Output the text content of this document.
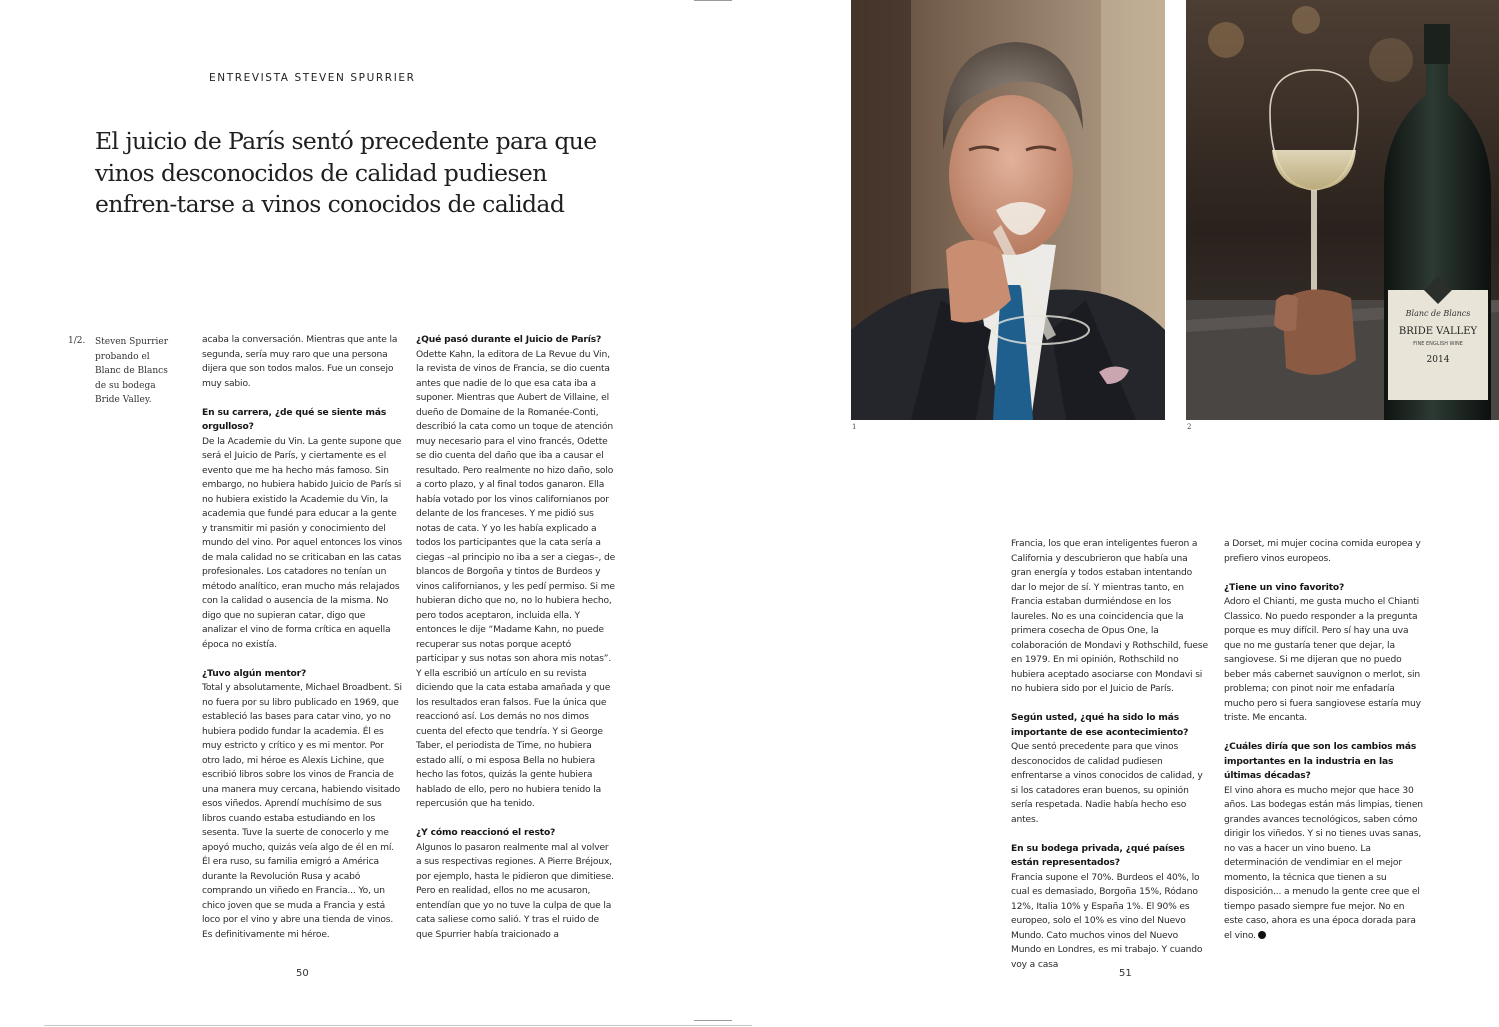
ENTREVISTA STEVEN SPURRIER
El juicio de París sentó precedente para que vinos desconocidos de calidad pudiesen enfren-tarse a vinos conocidos de calidad
1/2. Steven Spurrier probando el Blanc de Blancs de su bodega Bride Valley.

acaba la conversación. Mientras que ante la segunda, sería muy raro que una persona dijera que son todos malos. Fue un consejo muy sabio.

En su carrera, ¿de qué se siente más orgulloso?

De la Academie du Vin. La gente supone que será el Juicio de París, y ciertamente es el evento que me ha hecho más famoso. Sin embargo, no hubiera habido Juicio de París si no hubiera existido la Academie du Vin, la academia que fundé para educar a la gente y transmitir mi pasión y conocimiento del mundo del vino. Por aquel entonces los vinos de mala calidad no se criticaban en las catas profesionales. Los catadores no tenían un método analítico, eran mucho más relajados con la calidad o ausencia de la misma. No digo que no supieran catar, digo que analizar el vino de forma crítica en aquella época no existía.

¿Tuvo algún mentor?

Total y absolutamente, Michael Broadbent. Si no fuera por su libro publicado en 1969, que estableció las bases para catar vino, yo no hubiera podido fundar la academia. Él es muy estricto y crítico y es mi mentor. Por otro lado, mi héroe es Alexis Lichine, que escribió libros sobre los vinos de Francia de una manera muy cercana, habiendo visitado esos viñedos. Aprendí muchísimo de sus libros cuando estaba estudiando en los sesenta. Tuve la suerte de conocerlo y me apoyó mucho, quizás veía algo de él en mí. Él era ruso, su familia emigró a América durante la Revolución Rusa y acabó comprando un viñedo en Francia... Yo, un chico joven que se muda a Francia y está loco por el vino y abre una tienda de vinos. Es definitivamente mi héroe.

¿Qué pasó durante el Juicio de París?

Odette Kahn, la editora de La Revue du Vin, la revista de vinos de Francia, se dio cuenta antes que nadie de lo que esa cata iba a suponer. Mientras que Aubert de Villaine, el dueño de Domaine de la Romanée-Conti, describió la cata como un toque de atención muy necesario para el vino francés, Odette se dio cuenta del daño que iba a causar el resultado. Pero realmente no hizo daño, solo a corto plazo, y al final todos ganaron. Ella había votado por los vinos californianos por delante de los franceses. Y me pidió sus notas de cata. Y yo les había explicado a todos los participantes que la cata sería a ciegas –al principio no iba a ser a ciegas–, de blancos de Borgoña y tintos de Burdeos y vinos californianos, y les pedí permiso. Si me hubieran dicho que no, no lo hubiera hecho, pero todos aceptaron, incluida ella. Y entonces le dije “Madame Kahn, no puede recuperar sus notas porque aceptó participar y sus notas son ahora mis notas”. Y ella escribió un artículo en su revista diciendo que la cata estaba amañada y que los resultados eran falsos. Fue la única que reaccionó así. Los demás no nos dimos cuenta del efecto que tendría. Y si George Taber, el periodista de Time, no hubiera estado allí, o mi esposa Bella no hubiera hecho las fotos, quizás la gente hubiera hablado de ello, pero no hubiera tenido la repercusión que ha tenido.

¿Y cómo reaccionó el resto?

Algunos lo pasaron realmente mal al volver a sus respectivas regiones. A Pierre Bréjoux, por ejemplo, hasta le pidieron que dimitiese. Pero en realidad, ellos no me acusaron, entendían que yo no tuve la culpa de que la cata saliese como salió. Y tras el ruido de que Spurrier había traicionado a

50
1
Blanc de Blancs
BRIDE VALLEY
FINE ENGLISH WINE
2014
2

Francia, los que eran inteligentes fueron a California y descubrieron que había una gran energía y todos estaban intentando dar lo mejor de sí. Y mientras tanto, en Francia estaban durmiéndose en los laureles. No es una coincidencia que la primera cosecha de Opus One, la colaboración de Mondavi y Rothschild, fuese en 1979. En mi opinión, Rothschild no hubiera aceptado asociarse con Mondavi si no hubiera sido por el Juicio de París.

Según usted, ¿qué ha sido lo más importante de ese acontecimiento?

Que sentó precedente para que vinos desconocidos de calidad pudiesen enfrentarse a vinos conocidos de calidad, y si los catadores eran buenos, su opinión sería respetada. Nadie había hecho eso antes.

En su bodega privada, ¿qué países están representados?

Francia supone el 70%. Burdeos el 40%, lo cual es demasiado, Borgoña 15%, Ródano 12%, Italia 10% y España 1%. El 90% es europeo, solo el 10% es vino del Nuevo Mundo. Cato muchos vinos del Nuevo Mundo en Londres, es mi trabajo. Y cuando voy a casa

a Dorset, mi mujer cocina comida europea y prefiero vinos europeos.

¿Tiene un vino favorito?

Adoro el Chianti, me gusta mucho el Chianti Classico. No puedo responder a la pregunta porque es muy difícil. Pero sí hay una uva que no me gustaría tener que dejar, la sangiovese. Si me dijeran que no puedo beber más cabernet sauvignon o merlot, sin problema; con pinot noir me enfadaría mucho pero si fuera sangiovese estaría muy triste. Me encanta.

¿Cuáles diría que son los cambios más importantes en la industria en las últimas décadas?

El vino ahora es mucho mejor que hace 30 años. Las bodegas están más limpias, tienen grandes avances tecnológicos, saben cómo dirigir los viñedos. Y si no tienes uvas sanas, no vas a hacer un vino bueno. La determinación de vendimiar en el mejor momento, la técnica que tienen a su disposición... a menudo la gente cree que el tiempo pasado siempre fue mejor. No en este caso, ahora es una época dorada para el vino.

51
